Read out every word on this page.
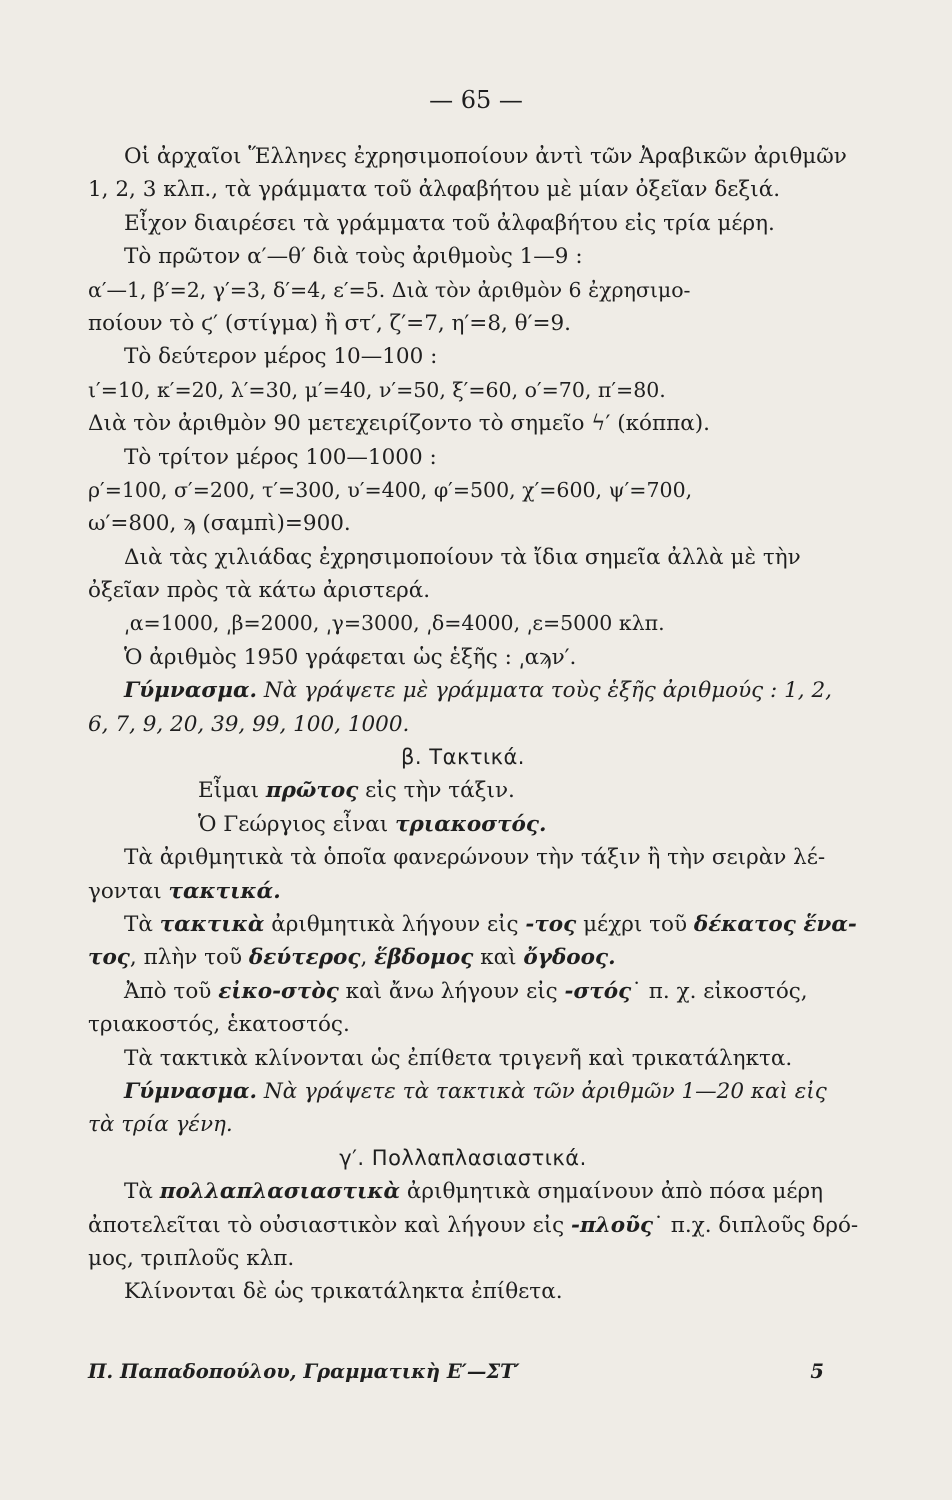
— 65 —
Οἱ ἀρχαῖοι Ἕλληνες ἐχρησιμοποίουν ἀντὶ τῶν Ἀραβικῶν ἀριθμῶν
1, 2, 3 κλπ., τὰ γράμματα τοῦ ἀλφαβήτου μὲ μίαν ὀξεῖαν δεξιά.
Εἶχον διαιρέσει τὰ γράμματα τοῦ ἀλφαβήτου εἰς τρία μέρη.
Τὸ πρῶτον α′—θ′ διὰ τοὺς ἀριθμοὺς 1—9 :
α′—1, β′=2, γ′=3, δ′=4, ε′=5. Διὰ τὸν ἀριθμὸν 6 ἐχρησιμο-
ποίουν τὸ ϛ′ (στίγμα) ἢ στ′, ζ′=7, η′=8, θ′=9.
Τὸ δεύτερον μέρος 10—100 :
ι′=10, κ′=20, λ′=30, μ′=40, ν′=50, ξ′=60, ο′=70, π′=80.
Διὰ τὸν ἀριθμὸν 90 μετεχειρίζοντο τὸ σημεῖο ϟ′ (κόππα).
Τὸ τρίτον μέρος 100—1000 :
ρ′=100, σ′=200, τ′=300, υ′=400, φ′=500, χ′=600, ψ′=700,
ω′=800, ϡ (σαμπὶ)=900.
Διὰ τὰς χιλιάδας ἐχρησιμοποίουν τὰ ἴδια σημεῖα ἀλλὰ μὲ τὴν
ὀξεῖαν πρὸς τὰ κάτω ἀριστερά.
͵α=1000, ͵β=2000, ͵γ=3000, ͵δ=4000, ͵ε=5000 κλπ.
Ὁ ἀριθμὸς 1950 γράφεται ὡς ἑξῆς : ͵αϡν′.
Γύμνασμα. Νὰ γράψετε μὲ γράμματα τοὺς ἑξῆς ἀριθμούς : 1, 2,
6, 7, 9, 20, 39, 99, 100, 1000.
β. Τακτικά.
Εἶμαι πρῶτος εἰς τὴν τάξιν.
Ὁ Γεώργιος εἶναι τριακοστός.
Τὰ ἀριθμητικὰ τὰ ὁποῖα φανερώνουν τὴν τάξιν ἢ τὴν σειρὰν λέ-
γονται τακτικά.
Τὰ τακτικὰ ἀριθμητικὰ λήγουν εἰς -τος μέχρι τοῦ δέκατος ἕνα-
τος, πλὴν τοῦ δεύτερος, ἕβδομος καὶ ὄγδοος.
Ἀπὸ τοῦ εἰκο-στὸς καὶ ἄνω λήγουν εἰς -στός˙ π. χ. εἰκοστός,
τριακοστός, ἑκατοστός.
Τὰ τακτικὰ κλίνονται ὡς ἐπίθετα τριγενῆ καὶ τρικατάληκτα.
Γύμνασμα. Νὰ γράψετε τὰ τακτικὰ τῶν ἀριθμῶν 1—20 καὶ εἰς
τὰ τρία γένη.
γ′. Πολλαπλασιαστικά.
Τὰ πολλαπλασιαστικὰ ἀριθμητικὰ σημαίνουν ἀπὸ πόσα μέρη
ἀποτελεῖται τὸ οὐσιαστικὸν καὶ λήγουν εἰς -πλοῦς˙ π.χ. διπλοῦς δρό-
μος, τριπλοῦς κλπ.
Κλίνονται δὲ ὡς τρικατάληκτα ἐπίθετα.
Π. Παπαδοπούλου, Γραμματικὴ Ε′—ΣΤ′	5
